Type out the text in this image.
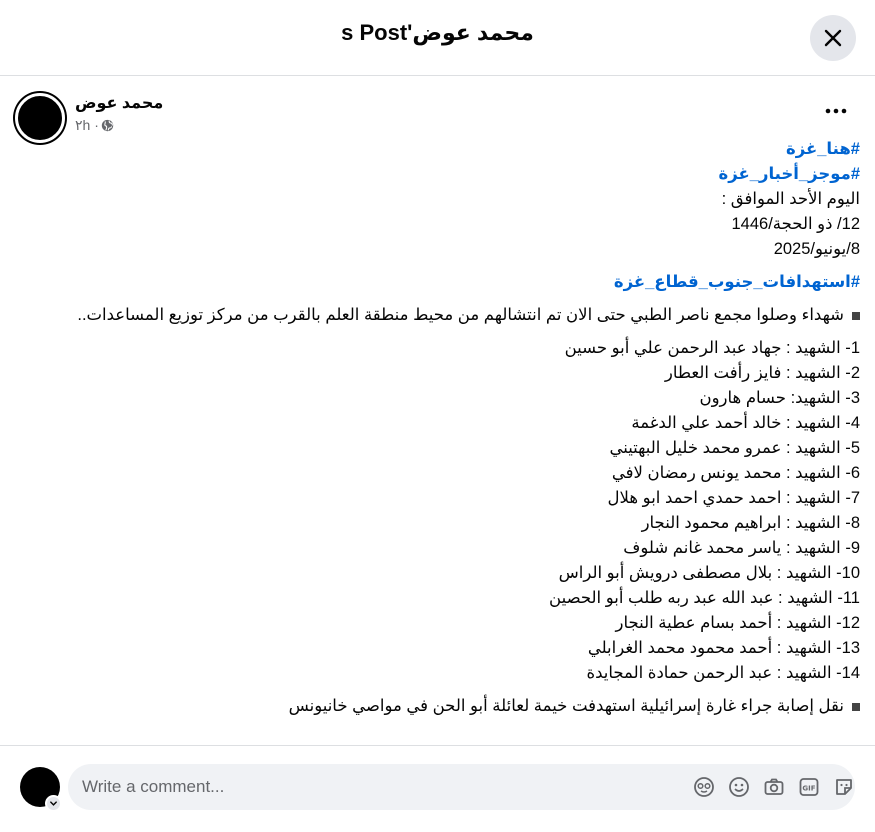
s Post'محمد عوض
محمد عوض
٢h ·
#هنا_غزة
#موجز_أخبار_غزة
اليوم الأحد الموافق :
12/ ذو الحجة/1446
8/يونيو/2025
#استهدافات_جنوب_قطاع_غزة
شهداء وصلوا مجمع ناصر الطبي حتى الان تم انتشالهم من محيط منطقة العلم بالقرب من مركز توزيع المساعدات..
1- الشهيد : جهاد عبد الرحمن علي أبو حسين
2- الشهيد : فايز رأفت العطار
3- الشهيد: حسام هارون
4- الشهيد : خالد أحمد علي الدغمة
5- الشهيد : عمرو محمد خليل البهتيني
6- الشهيد : محمد يونس رمضان لافي
7- الشهيد : احمد حمدي احمد ابو هلال
8- الشهيد : ابراهيم محمود النجار
9- الشهيد : ياسر محمد غانم شلوف
10- الشهيد : بلال مصطفى درويش أبو الراس
11- الشهيد : عبد الله عبد ربه طلب أبو الحصين
12- الشهيد : أحمد بسام عطية النجار
13- الشهيد : أحمد محمود محمد الغرابلي
14- الشهيد : عبد الرحمن حمادة المجايدة
نقل إصابة جراء غارة إسرائيلية استهدفت خيمة لعائلة أبو الحن في مواصي خانيونس
Write a comment...	GIF
